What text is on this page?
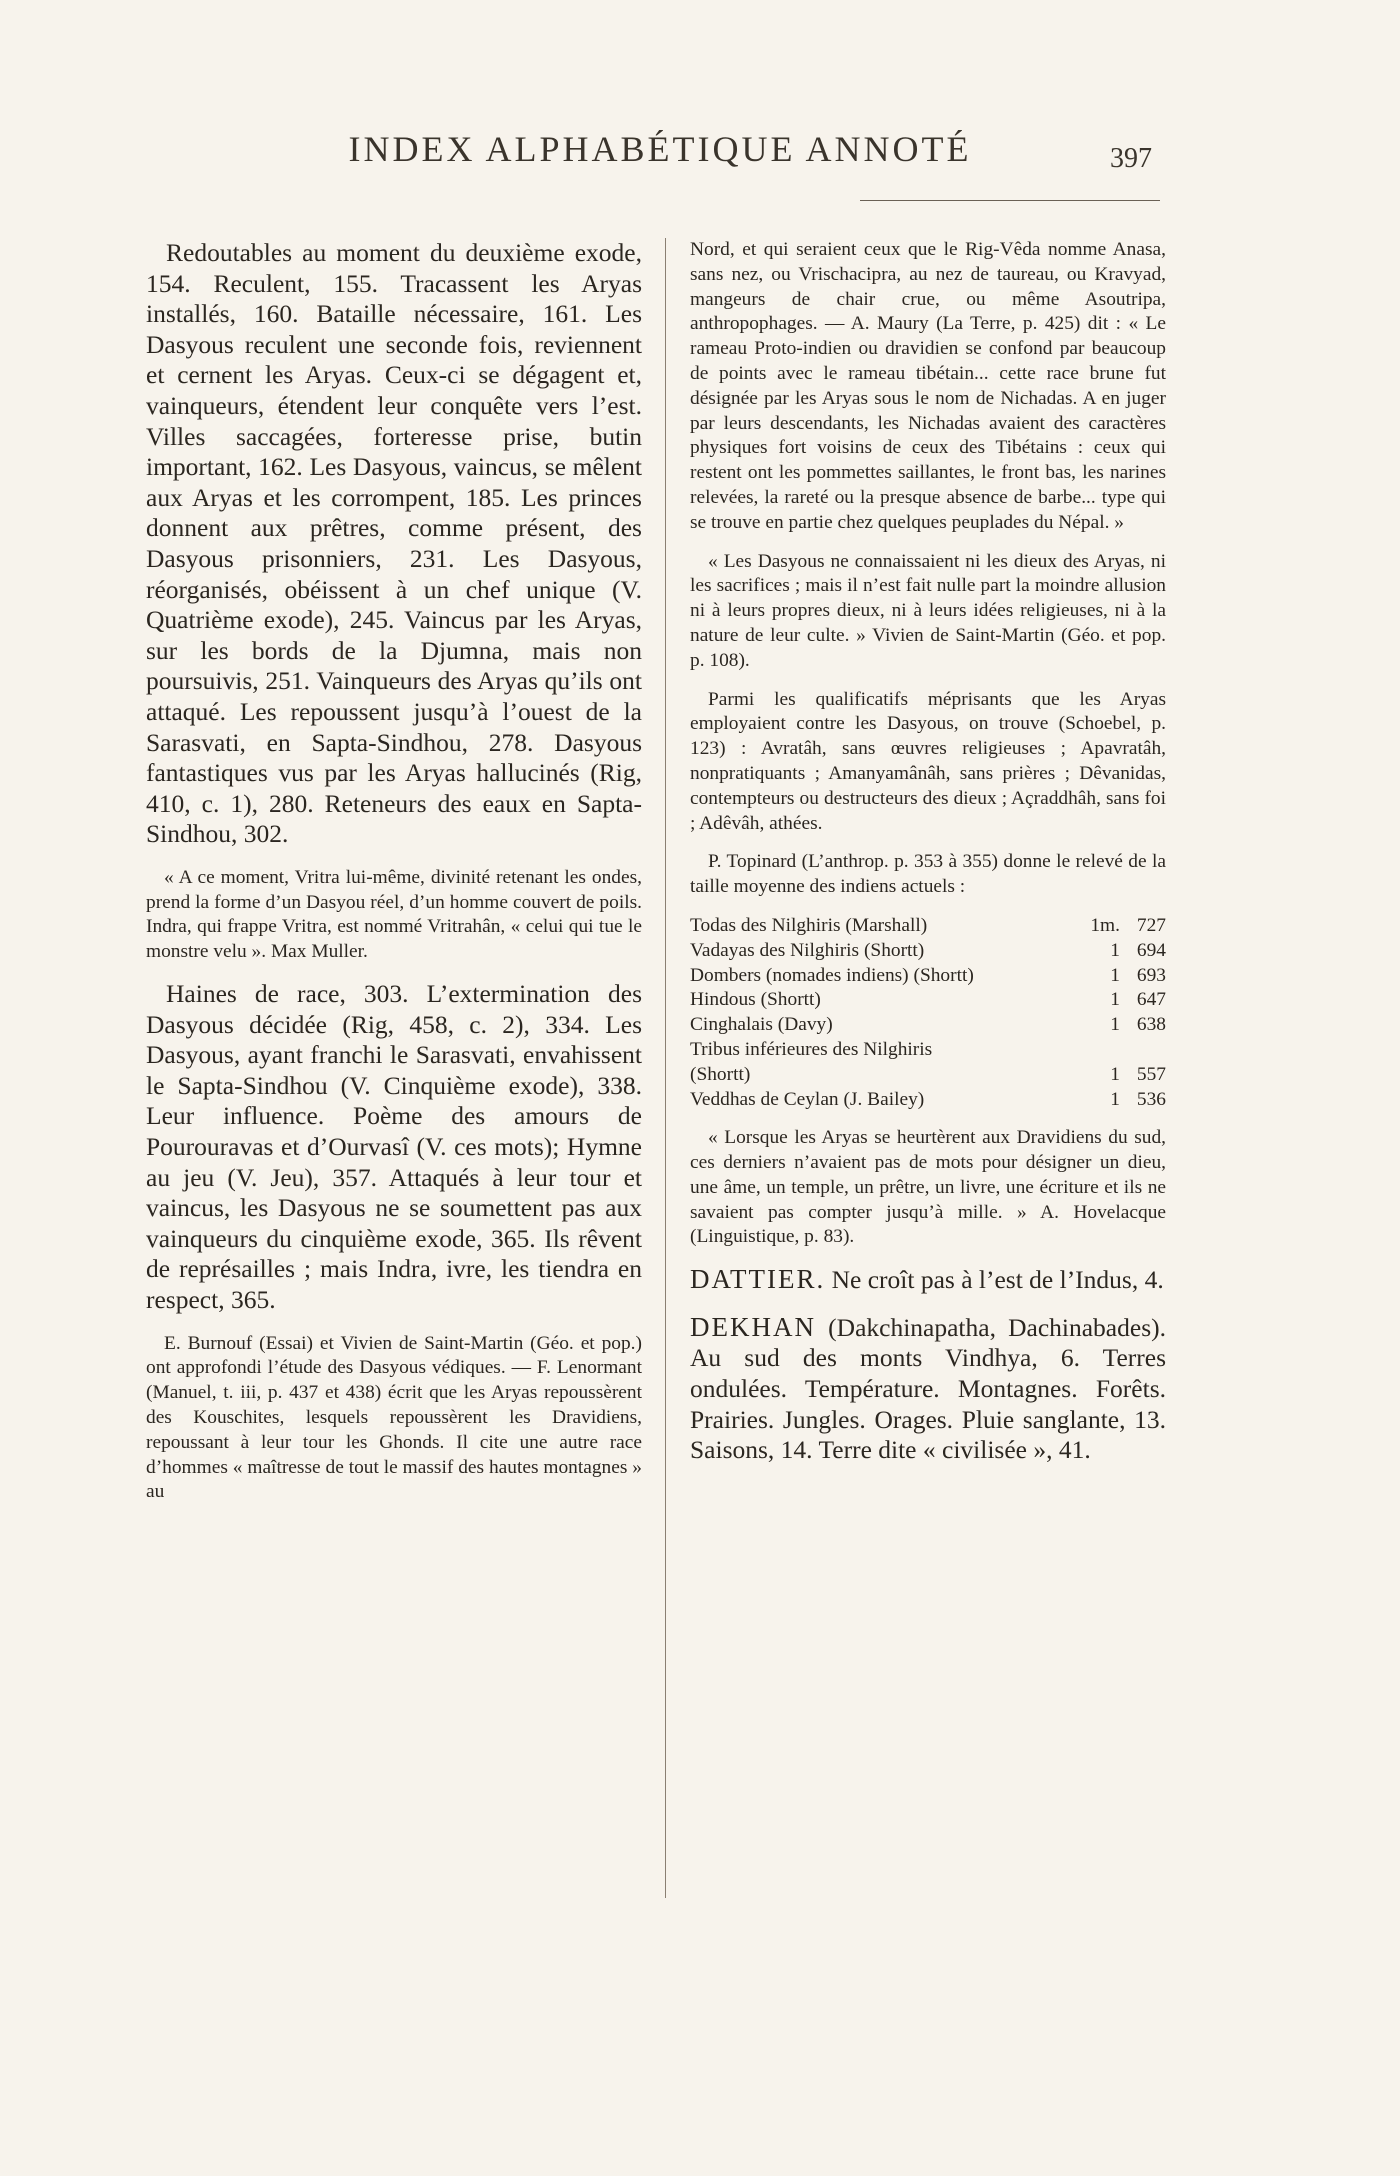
INDEX ALPHABÉTIQUE ANNOTÉ	397

Redoutables au moment du deuxième exode, 154. Reculent, 155. Tracassent les Aryas installés, 160. Bataille nécessaire, 161. Les Dasyous reculent une seconde fois, reviennent et cernent les Aryas. Ceux-ci se dégagent et, vainqueurs, étendent leur conquête vers l’est. Villes saccagées, forteresse prise, butin important, 162. Les Dasyous, vaincus, se mêlent aux Aryas et les corrompent, 185. Les princes donnent aux prêtres, comme présent, des Dasyous prisonniers, 231. Les Dasyous, réorganisés, obéissent à un chef unique (V. Quatrième exode), 245. Vaincus par les Aryas, sur les bords de la Djumna, mais non poursuivis, 251. Vainqueurs des Aryas qu’ils ont attaqué. Les repoussent jusqu’à l’ouest de la Sarasvati, en Sapta-Sindhou, 278. Dasyous fantastiques vus par les Aryas hallucinés (Rig, 410, c. 1), 280. Reteneurs des eaux en Sapta-Sindhou, 302.

« A ce moment, Vritra lui-même, divinité retenant les ondes, prend la forme d’un Dasyou réel, d’un homme couvert de poils. Indra, qui frappe Vritra, est nommé Vritrahân, « celui qui tue le monstre velu ». Max Muller.

Haines de race, 303. L’extermination des Dasyous décidée (Rig, 458, c. 2), 334. Les Dasyous, ayant franchi le Sarasvati, envahissent le Sapta-Sindhou (V. Cinquième exode), 338. Leur influence. Poème des amours de Pourouravas et d’Ourvasî (V. ces mots); Hymne au jeu (V. Jeu), 357. Attaqués à leur tour et vaincus, les Dasyous ne se soumettent pas aux vainqueurs du cinquième exode, 365. Ils rêvent de représailles ; mais Indra, ivre, les tiendra en respect, 365.

E. Burnouf (Essai) et Vivien de Saint-Martin (Géo. et pop.) ont approfondi l’étude des Dasyous védiques. — F. Lenormant (Manuel, t. iii, p. 437 et 438) écrit que les Aryas repoussèrent des Kouschites, lesquels repoussèrent les Dravidiens, repoussant à leur tour les Ghonds. Il cite une autre race d’hommes « maîtresse de tout le massif des hautes montagnes » au

Nord, et qui seraient ceux que le Rig-Vêda nomme Anasa, sans nez, ou Vrischacipra, au nez de taureau, ou Kravyad, mangeurs de chair crue, ou même Asoutripa, anthropophages. — A. Maury (La Terre, p. 425) dit : « Le rameau Proto-indien ou dravidien se confond par beaucoup de points avec le rameau tibétain... cette race brune fut désignée par les Aryas sous le nom de Nichadas. A en juger par leurs descendants, les Nichadas avaient des caractères physiques fort voisins de ceux des Tibétains : ceux qui restent ont les pommettes saillantes, le front bas, les narines relevées, la rareté ou la presque absence de barbe... type qui se trouve en partie chez quelques peuplades du Népal. »

« Les Dasyous ne connaissaient ni les dieux des Aryas, ni les sacrifices ; mais il n’est fait nulle part la moindre allusion ni à leurs propres dieux, ni à leurs idées religieuses, ni à la nature de leur culte. » Vivien de Saint-Martin (Géo. et pop. p. 108).

Parmi les qualificatifs méprisants que les Aryas employaient contre les Dasyous, on trouve (Schoebel, p. 123) : Avratâh, sans œuvres religieuses ; Apavratâh, nonpratiquants ; Amanyamânâh, sans prières ; Dêvanidas, contempteurs ou destructeurs des dieux ; Açraddhâh, sans foi ; Adêvâh, athées.

P. Topinard (L’anthrop. p. 353 à 355) donne le relevé de la taille moyenne des indiens actuels :

Todas des Nilghiris (Marshall)	1m.	727
Vadayas des Nilghiris (Shortt)	1	694
Dombers (nomades indiens) (Shortt)	1	693
Hindous (Shortt)	1	647
Cinghalais (Davy)	1	638
Tribus inférieures des Nilghiris		
(Shortt)	1	557
Veddhas de Ceylan (J. Bailey)	1	536

« Lorsque les Aryas se heurtèrent aux Dravidiens du sud, ces derniers n’avaient pas de mots pour désigner un dieu, une âme, un temple, un prêtre, un livre, une écriture et ils ne savaient pas compter jusqu’à mille. » A. Hovelacque (Linguistique, p. 83).

DATTIER. Ne croît pas à l’est de l’Indus, 4.

DEKHAN (Dakchinapatha, Dachinabades). Au sud des monts Vindhya, 6. Terres ondulées. Température. Montagnes. Forêts. Prairies. Jungles. Orages. Pluie sanglante, 13. Saisons, 14. Terre dite « civilisée », 41.
